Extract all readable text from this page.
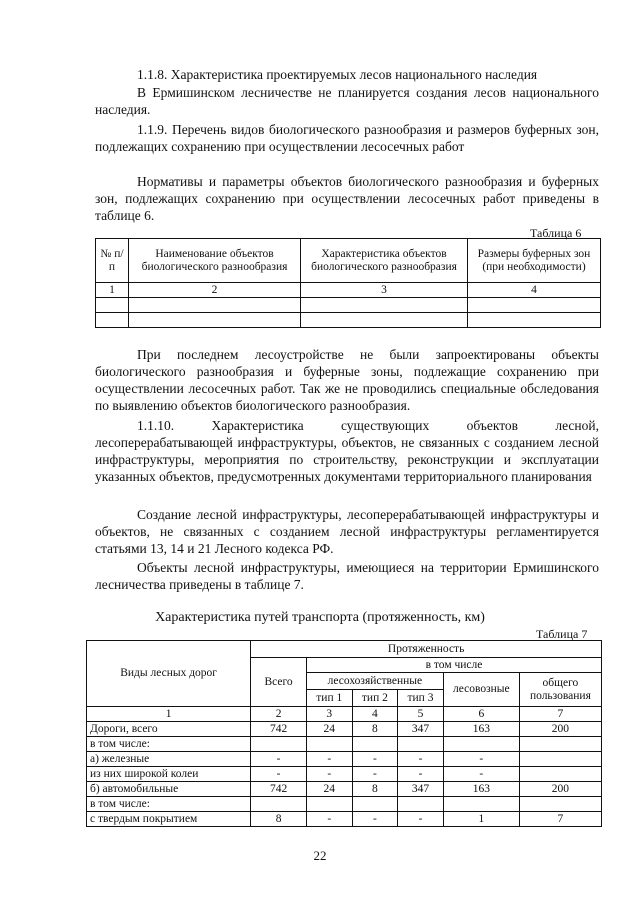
1.1.8. Характеристика проектируемых лесов национального наследия
В Ермишинском лесничестве не планируется создания лесов национального наследия.
1.1.9. Перечень видов биологического разнообразия и размеров буферных зон, подлежащих сохранению при осуществлении лесосечных работ
Нормативы и параметры объектов биологического разнообразия и буферных зон, подлежащих сохранению при осуществлении лесосечных работ приведены в таблице 6.
Таблица 6
№ п/п	Наименование объектов биологического разнообразия	Характеристика объектов биологического разнообразия	Размеры буферных зон (при необходимости)
1	2	3	4

При последнем лесоустройстве не были запроектированы объекты биологического разнообразия и буферные зоны, подлежащие сохранению при осуществлении лесосечных работ. Так же не проводились специальные обследования по выявлению объектов биологического разнообразия.
1.1.10. Характеристика существующих объектов лесной, лесоперерабатывающей инфраструктуры, объектов, не связанных с созданием лесной инфраструктуры, мероприятия по строительству, реконструкции и эксплуатации указанных объектов, предусмотренных документами территориального планирования
Создание лесной инфраструктуры, лесоперерабатывающей инфраструктуры и объектов, не связанных с созданием лесной инфраструктуры регламентируется статьями 13, 14 и 21 Лесного кодекса РФ.
Объекты лесной инфраструктуры, имеющиеся на территории Ермишинского лесничества приведены в таблице 7.
Характеристика путей транспорта (протяженность, км)
Таблица 7
Виды лесных дорог	Протяженность					
	Всего	в том числе				
		лесохозяйственные			лесовозные	общего пользования
		тип 1	тип 2	тип 3		
1	2	3	4	5	6	7
Дороги, всего	742	24	8	347	163	200
в том числе:						
а) железные	-	-	-	-	-	
из них широкой колеи	-	-	-	-	-	
б) автомобильные	742	24	8	347	163	200
в том числе:						
с твердым покрытием	8	-	-	-	1	7
22
